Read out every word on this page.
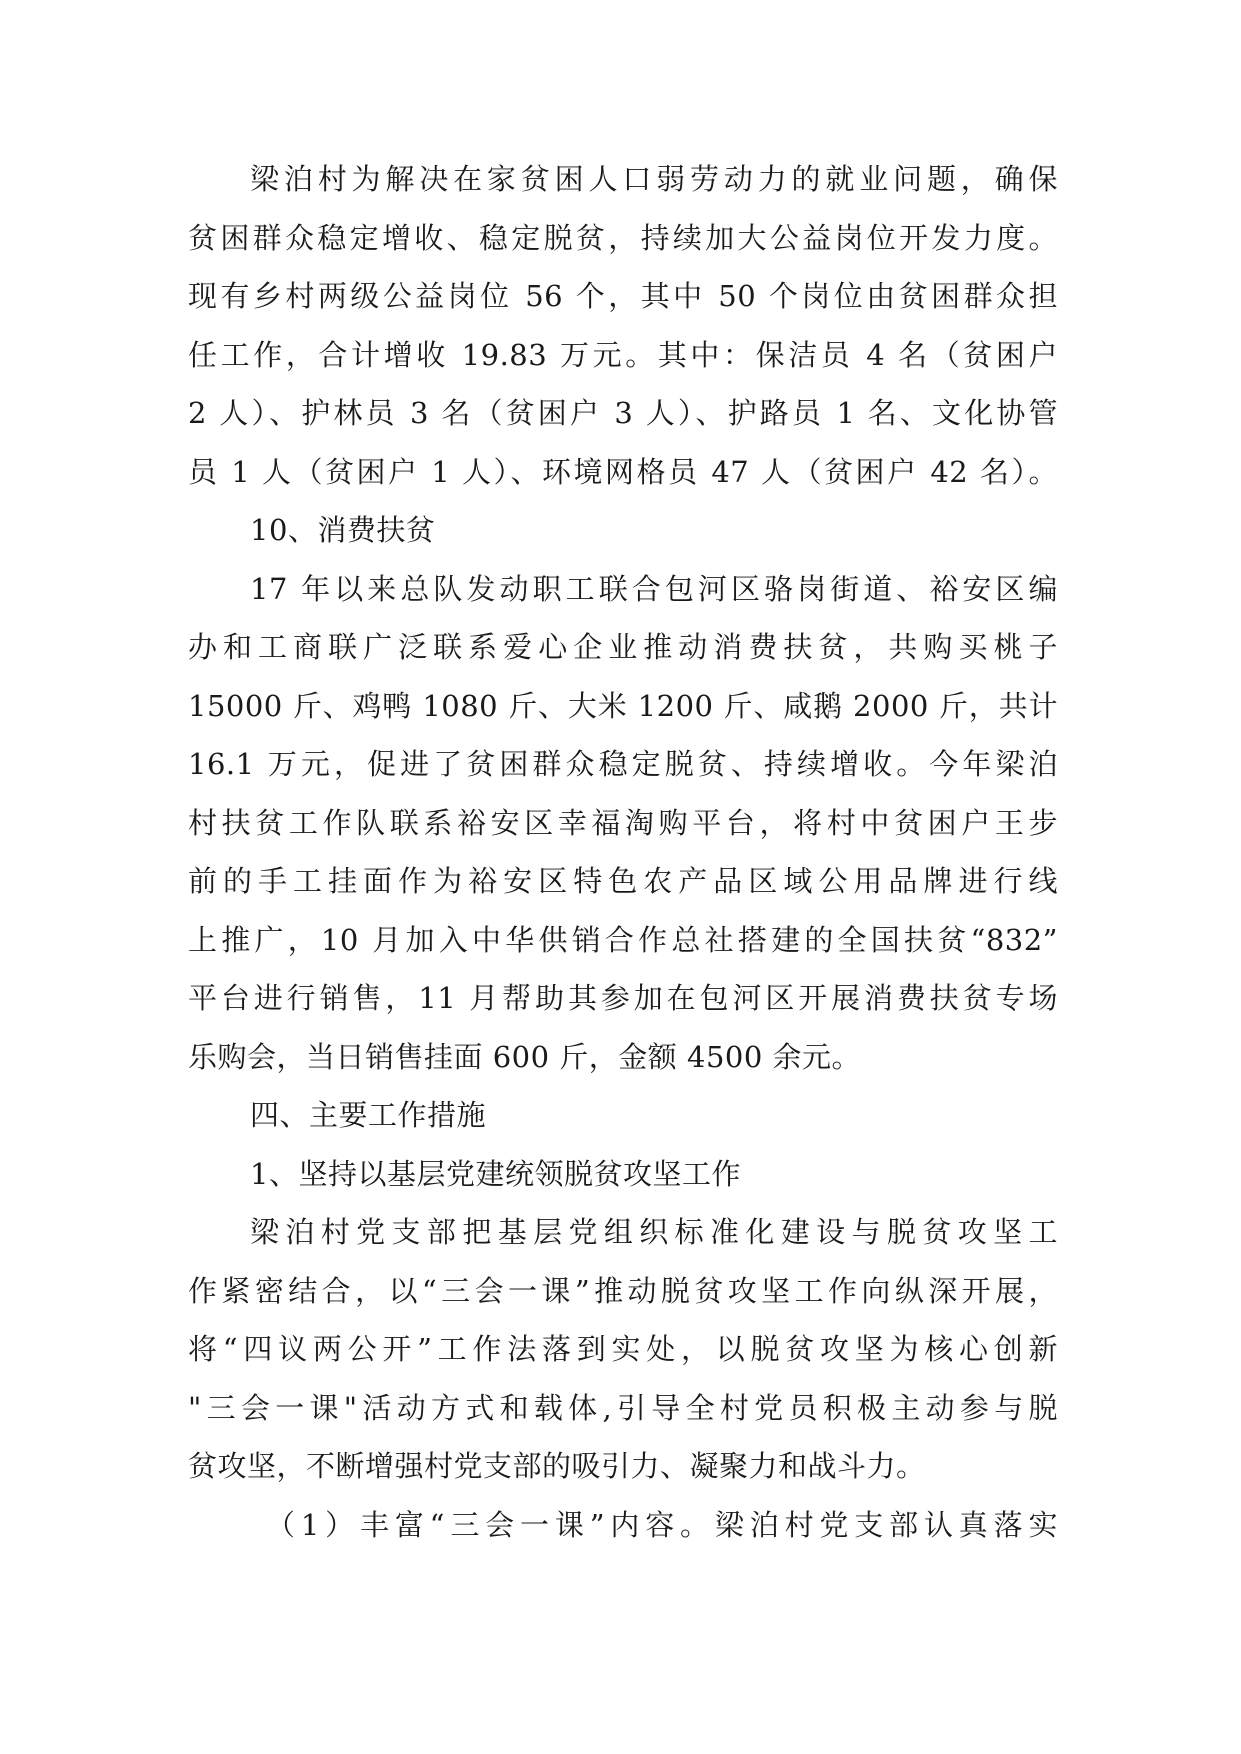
梁泊村为解决在家贫困人口弱劳动力的就业问题，确保
贫困群众稳定增收、稳定脱贫，持续加大公益岗位开发力度。
现有乡村两级公益岗位 56 个，其中 50 个岗位由贫困群众担
任工作，合计增收 19.83 万元。其中：保洁员 4 名（贫困户
2 人）、护林员 3 名（贫困户 3 人）、护路员 1 名、文化协管
员 1 人（贫困户 1 人）、环境网格员 47 人（贫困户 42 名）。
10、消费扶贫
17 年以来总队发动职工联合包河区骆岗街道、裕安区编
办和工商联广泛联系爱心企业推动消费扶贫，共购买桃子
15000 斤、鸡鸭 1080 斤、大米 1200 斤、咸鹅 2000 斤，共计
16.1 万元，促进了贫困群众稳定脱贫、持续增收。今年梁泊
村扶贫工作队联系裕安区幸福淘购平台，将村中贫困户王步
前的手工挂面作为裕安区特色农产品区域公用品牌进行线
上推广，10 月加入中华供销合作总社搭建的全国扶贫“832”
平台进行销售，11 月帮助其参加在包河区开展消费扶贫专场
乐购会，当日销售挂面 600 斤，金额 4500 余元。
四、主要工作措施
1、坚持以基层党建统领脱贫攻坚工作
梁泊村党支部把基层党组织标准化建设与脱贫攻坚工
作紧密结合，以“三会一课”推动脱贫攻坚工作向纵深开展，
将“四议两公开”工作法落到实处，以脱贫攻坚为核心创新
"三会一课"活动方式和载体,引导全村党员积极主动参与脱
贫攻坚，不断增强村党支部的吸引力、凝聚力和战斗力。
（1）丰富“三会一课”内容。梁泊村党支部认真落实
